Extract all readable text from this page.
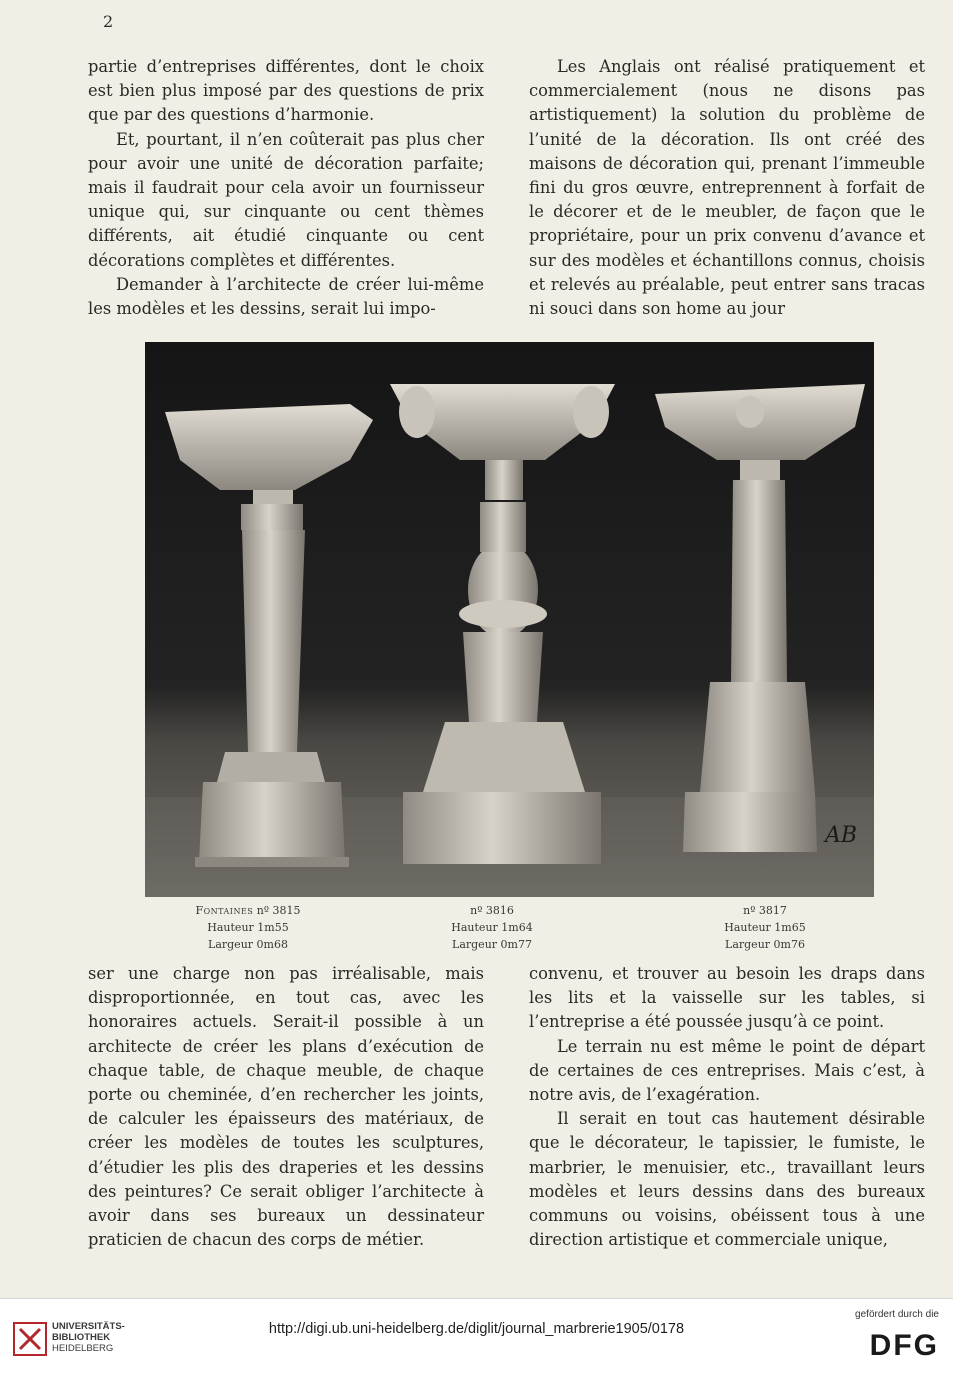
2

partie d’entreprises différentes, dont le choix est bien plus imposé par des questions de prix que par des questions d’harmonie.

Et, pourtant, il n’en coûterait pas plus cher pour avoir une unité de décoration parfaite; mais il faudrait pour cela avoir un fournisseur unique qui, sur cinquante ou cent thèmes différents, ait étudié cinquante ou cent décorations complètes et différentes.

Demander à l’architecte de créer lui-même les modèles et les dessins, serait lui impo-

Les Anglais ont réalisé pratiquement et commercialement (nous ne disons pas artistiquement) la solution du problème de l’unité de la décoration. Ils ont créé des maisons de décoration qui, prenant l’immeuble fini du gros œuvre, entreprennent à forfait de le décorer et de le meubler, de façon que le propriétaire, pour un prix convenu d’avance et sur des modèles et échantillons connus, choisis et relevés au préalable, peut entrer sans tracas ni souci dans son home au jour

AB
Fontaines nº 3815
Hauteur 1m55
Largeur 0m68
nº 3816
Hauteur 1m64
Largeur 0m77
nº 3817
Hauteur 1m65
Largeur 0m76

ser une charge non pas irréalisable, mais disproportionnée, en tout cas, avec les honoraires actuels. Serait-il possible à un architecte de créer les plans d’exécution de chaque table, de chaque meuble, de chaque porte ou cheminée, d’en rechercher les joints, de calculer les épaisseurs des matériaux, de créer les modèles de toutes les sculptures, d’étudier les plis des draperies et les dessins des peintures? Ce serait obliger l’architecte à avoir dans ses bureaux un dessinateur praticien de chacun des corps de métier.

convenu, et trouver au besoin les draps dans les lits et la vaisselle sur les tables, si l’entreprise a été poussée jusqu’à ce point.

Le terrain nu est même le point de départ de certaines de ces entreprises. Mais c’est, à notre avis, de l’exagération.

Il serait en tout cas hautement désirable que le décorateur, le tapissier, le fumiste, le marbrier, le menuisier, etc., travaillant leurs modèles et leurs dessins dans des bureaux communs ou voisins, obéissent tous à une direction artistique et commerciale unique,

UNIVERSITÄTS-
BIBLIOTHEK
HEIDELBERG
http://digi.ub.uni-heidelberg.de/diglit/journal_marbrerie1905/0178
gefördert durch die
DFG
